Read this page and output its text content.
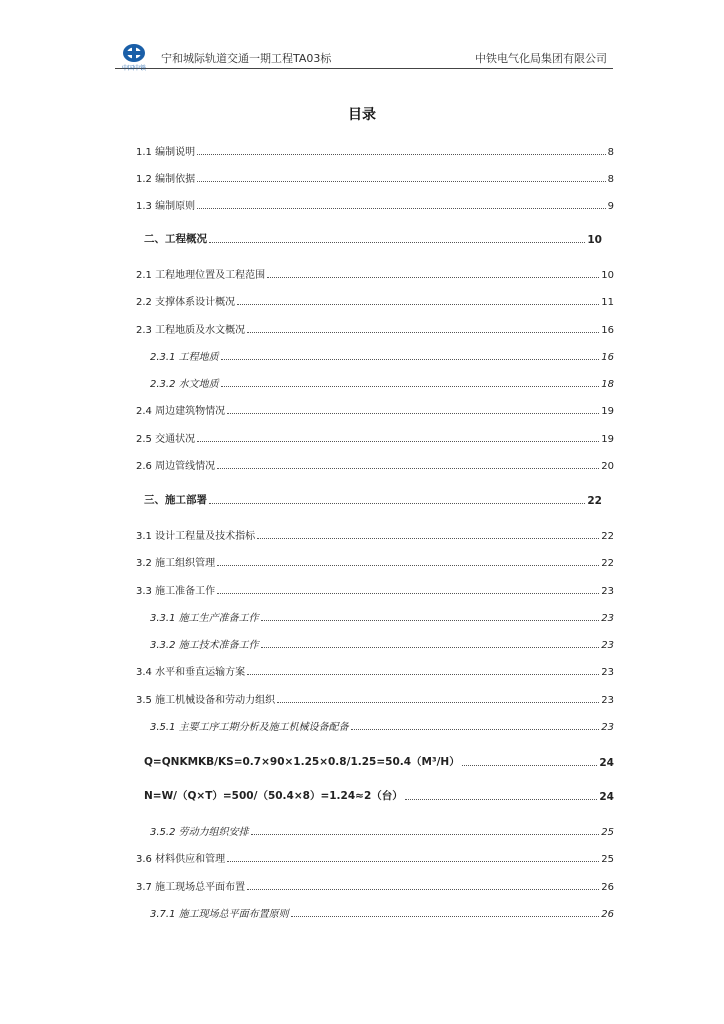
中国中铁
宁和城际轨道交通一期工程TA03标	中铁电气化局集团有限公司
目录
1.1 编制说明	8
1.2 编制依据	8
1.3 编制原则	9
二、工程概况	10
2.1 工程地理位置及工程范围	10
2.2 支撑体系设计概况	11
2.3 工程地质及水文概况	16
2.3.1 工程地质	16
2.3.2 水文地质	18
2.4 周边建筑物情况	19
2.5 交通状况	19
2.6 周边管线情况	20
三、施工部署	22
3.1 设计工程量及技术指标	22
3.2 施工组织管理	22
3.3 施工准备工作	23
3.3.1 施工生产准备工作	23
3.3.2 施工技术准备工作	23
3.4 水平和垂直运输方案	23
3.5 施工机械设备和劳动力组织	23
3.5.1 主要工序工期分析及施工机械设备配备	23
Q=QNKMKB/KS=0.7×90×1.25×0.8/1.25=50.4（M³/H）	24
N=W/（Q×T）=500/（50.4×8）=1.24≈2（台）	24
3.5.2 劳动力组织安排	25
3.6 材料供应和管理	25
3.7 施工现场总平面布置	26
3.7.1 施工现场总平面布置原则	26
